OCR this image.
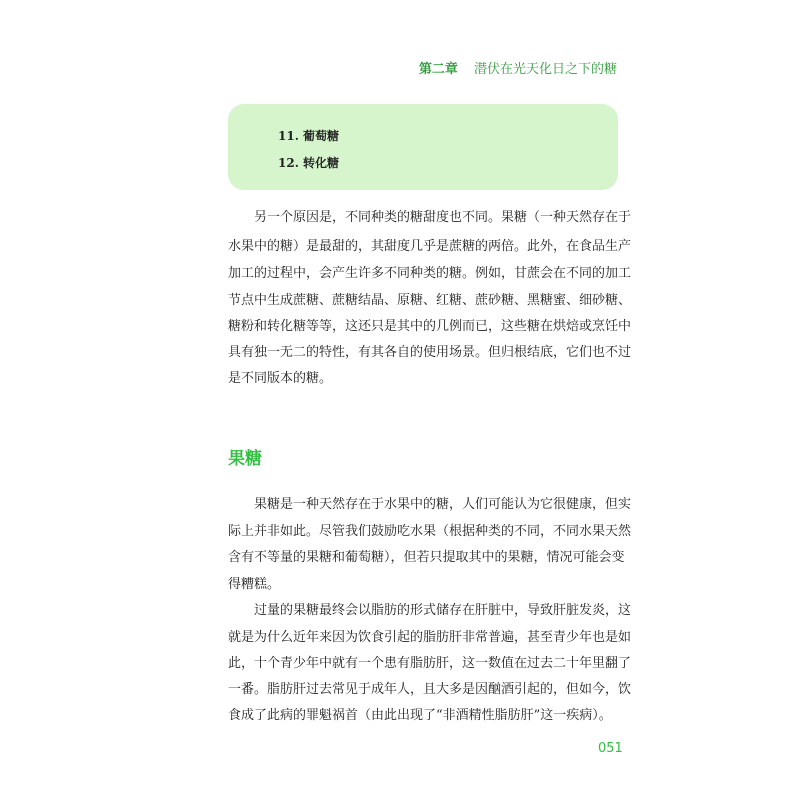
第二章 潜伏在光天化日之下的糖
11. 葡萄糖
12. 转化糖
另一个原因是，不同种类的糖甜度也不同。果糖（一种天然存在于
水果中的糖）是最甜的，其甜度几乎是蔗糖的两倍。此外，在食品生产
加工的过程中，会产生许多不同种类的糖。例如，甘蔗会在不同的加工
节点中生成蔗糖、蔗糖结晶、原糖、红糖、蔗砂糖、黑糖蜜、细砂糖、
糖粉和转化糖等等，这还只是其中的几例而已，这些糖在烘焙或烹饪中
具有独一无二的特性，有其各自的使用场景。但归根结底，它们也不过
是不同版本的糖。
果糖
果糖是一种天然存在于水果中的糖，人们可能认为它很健康，但实
际上并非如此。尽管我们鼓励吃水果（根据种类的不同，不同水果天然
含有不等量的果糖和葡萄糖），但若只提取其中的果糖，情况可能会变
得糟糕。
过量的果糖最终会以脂肪的形式储存在肝脏中，导致肝脏发炎，这
就是为什么近年来因为饮食引起的脂肪肝非常普遍，甚至青少年也是如
此，十个青少年中就有一个患有脂肪肝，这一数值在过去二十年里翻了
一番。脂肪肝过去常见于成年人，且大多是因酗酒引起的，但如今，饮
食成了此病的罪魁祸首（由此出现了“非酒精性脂肪肝”这一疾病）。
051
